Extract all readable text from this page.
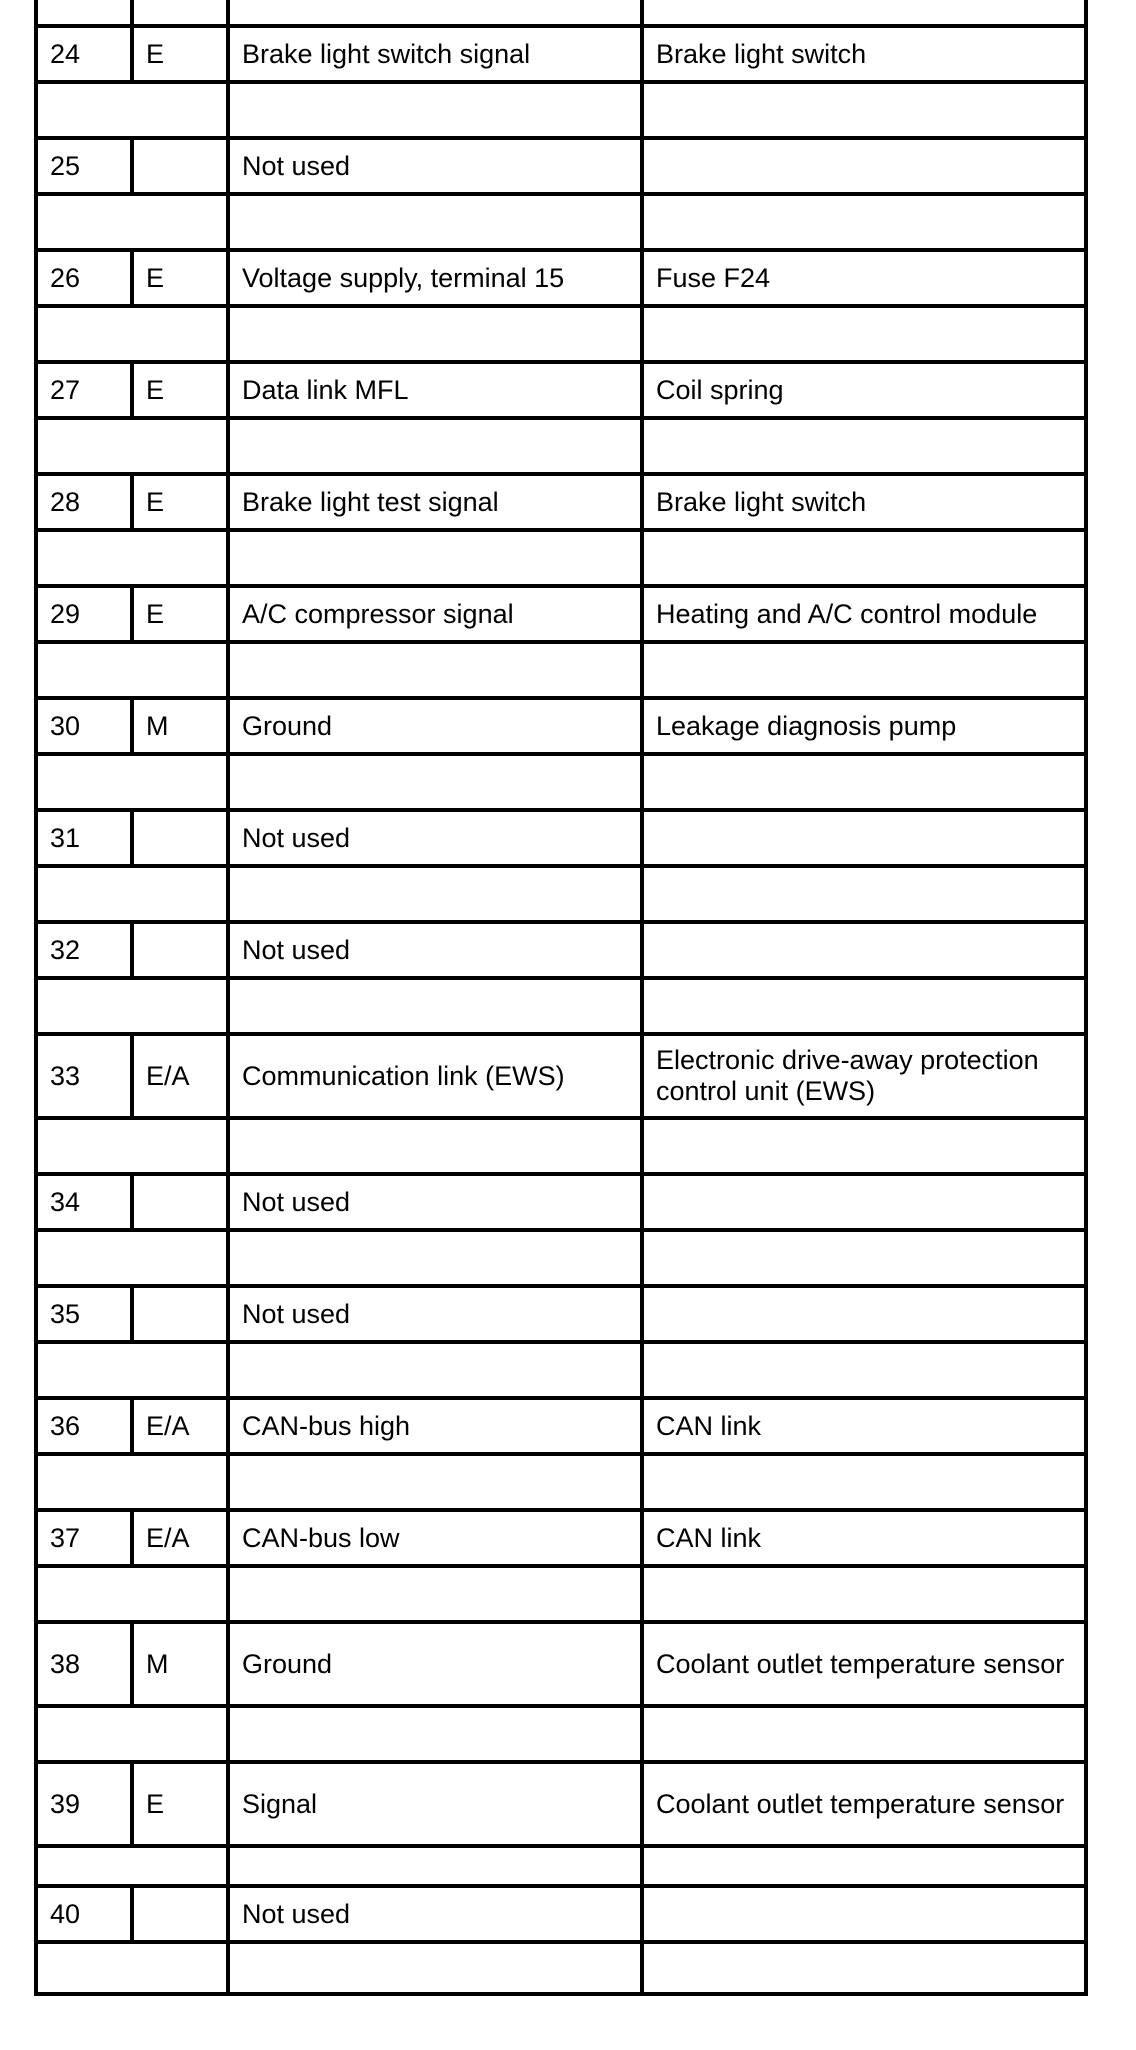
24	E	Brake light switch signal	Brake light switch

25		Not used	

26	E	Voltage supply, terminal 15	Fuse F24

27	E	Data link MFL	Coil spring

28	E	Brake light test signal	Brake light switch

29	E	A/C compressor signal	Heating and A/C control module

30	M	Ground	Leakage diagnosis pump

31		Not used	

32		Not used	

33	E/A	Communication link (EWS)	Electronic drive-away protection control unit (EWS)

34		Not used	

35		Not used	

36	E/A	CAN-bus high	CAN link

37	E/A	CAN-bus low	CAN link

38	M	Ground	Coolant outlet temperature sensor

39	E	Signal	Coolant outlet temperature sensor

40		Not used	
